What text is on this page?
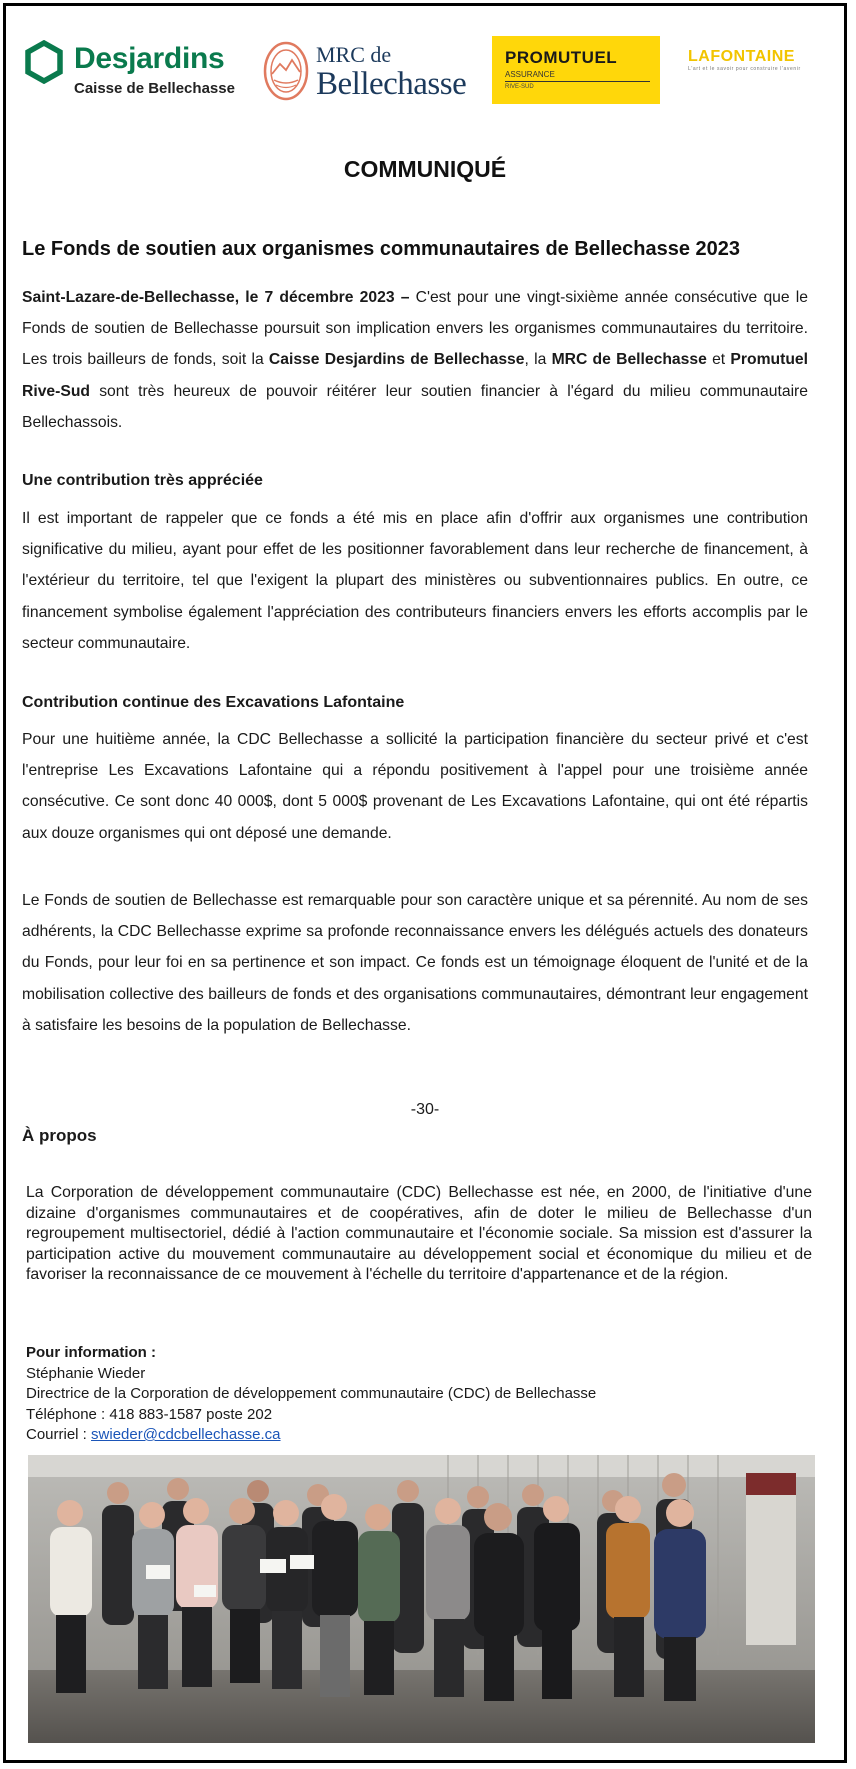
Desjardins
Caisse de Bellechasse
MRC de
Bellechasse
PROMUTUEL
ASSURANCE
RIVE-SUD
LAFONTAINE
L'art et le savoir pour construire l'avenir
COMMUNIQUÉ
Le Fonds de soutien aux organismes communautaires de Bellechasse 2023
Saint-Lazare-de-Bellechasse, le 7 décembre 2023 – C'est pour une vingt-sixième année consécutive que le Fonds de soutien de Bellechasse poursuit son implication envers les organismes communautaires du territoire. Les trois bailleurs de fonds, soit la Caisse Desjardins de Bellechasse, la MRC de Bellechasse et Promutuel Rive-Sud sont très heureux de pouvoir réitérer leur soutien financier à l'égard du milieu communautaire Bellechassois.
Une contribution très appréciée
Il est important de rappeler que ce fonds a été mis en place afin d'offrir aux organismes une contribution significative du milieu, ayant pour effet de les positionner favorablement dans leur recherche de financement, à l'extérieur du territoire, tel que l'exigent la plupart des ministères ou subventionnaires publics. En outre, ce financement symbolise également l'appréciation des contributeurs financiers envers les efforts accomplis par le secteur communautaire.
Contribution continue des Excavations Lafontaine
Pour une huitième année, la CDC Bellechasse a sollicité la participation financière du secteur privé et c'est l'entreprise Les Excavations Lafontaine qui a répondu positivement à l'appel pour une troisième année consécutive. Ce sont donc 40 000$, dont 5 000$ provenant de Les Excavations Lafontaine, qui ont été répartis aux douze organismes qui ont déposé une demande.
Le Fonds de soutien de Bellechasse est remarquable pour son caractère unique et sa pérennité. Au nom de ses adhérents, la CDC Bellechasse exprime sa profonde reconnaissance envers les délégués actuels des donateurs du Fonds, pour leur foi en sa pertinence et son impact. Ce fonds est un témoignage éloquent de l'unité et de la mobilisation collective des bailleurs de fonds et des organisations communautaires, démontrant leur engagement à satisfaire les besoins de la population de Bellechasse.
-30-
À propos
La Corporation de développement communautaire (CDC) Bellechasse est née, en 2000, de l'initiative d'une dizaine d'organismes communautaires et de coopératives, afin de doter le milieu de Bellechasse d'un regroupement multisectoriel, dédié à l'action communautaire et l'économie sociale. Sa mission est d'assurer la participation active du mouvement communautaire au développement social et économique du milieu et de favoriser la reconnaissance de ce mouvement à l'échelle du territoire d'appartenance et de la région.
Pour information :
Stéphanie Wieder
Directrice de la Corporation de développement communautaire (CDC) de Bellechasse
Téléphone : 418 883-1587 poste 202
Courriel : swieder@cdcbellechasse.ca
